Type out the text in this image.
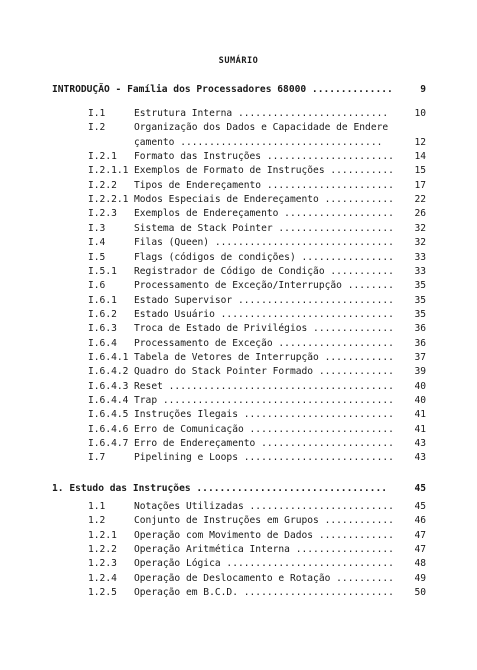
SUMÁRIO
INTRODUÇÃO - Família dos Processadores 68000 ..............	9
I.1	Estrutura Interna ..........................	10
I.2	Organização dos Dados e Capacidade de Endere
çamento ...................................	12
I.2.1 Formato das Instruções ...................... 14
I.2.1.1 Exemplos de Formato de Instruções ........... 15
I.2.2 Tipos de Endereçamento ...................... 17
I.2.2.1 Modos Especiais de Endereçamento ............ 22
I.2.3 Exemplos de Endereçamento ................... 26
I.3	Sistema de Stack Pointer .................... 32
I.4	Filas (Queen) ............................... 32
I.5	Flags (códigos de condições) ................ 33
I.5.1 Registrador de Código de Condição ........... 33
I.6	Processamento de Exceção/Interrupção ........ 35
I.6.1 Estado Supervisor ........................... 35
I.6.2 Estado Usuário .............................. 35
I.6.3 Troca de Estado de Privilégios .............. 36
I.6.4 Processamento de Exceção .................... 36
I.6.4.1 Tabela de Vetores de Interrupção ............ 37
I.6.4.2 Quadro do Stack Pointer Formado ............. 39
I.6.4.3 Reset ....................................... 40
I.6.4.4 Trap ........................................ 40
I.6.4.5 Instruções Ilegais .......................... 41
I.6.4.6 Erro de Comunicação ......................... 41
I.6.4.7 Erro de Endereçamento ....................... 43
I.7	Pipelining e Loops .......................... 43
1. Estudo das Instruções .................................	45
1.1	Notações Utilizadas ......................... 45
1.2	Conjunto de Instruções em Grupos ............ 46
1.2.1 Operação com Movimento de Dados ............. 47
1.2.2 Operação Aritmética Interna ................. 47
1.2.3 Operação Lógica ............................. 48
1.2.4 Operação de Deslocamento e Rotação .......... 49
1.2.5 Operação em B.C.D. .......................... 50
